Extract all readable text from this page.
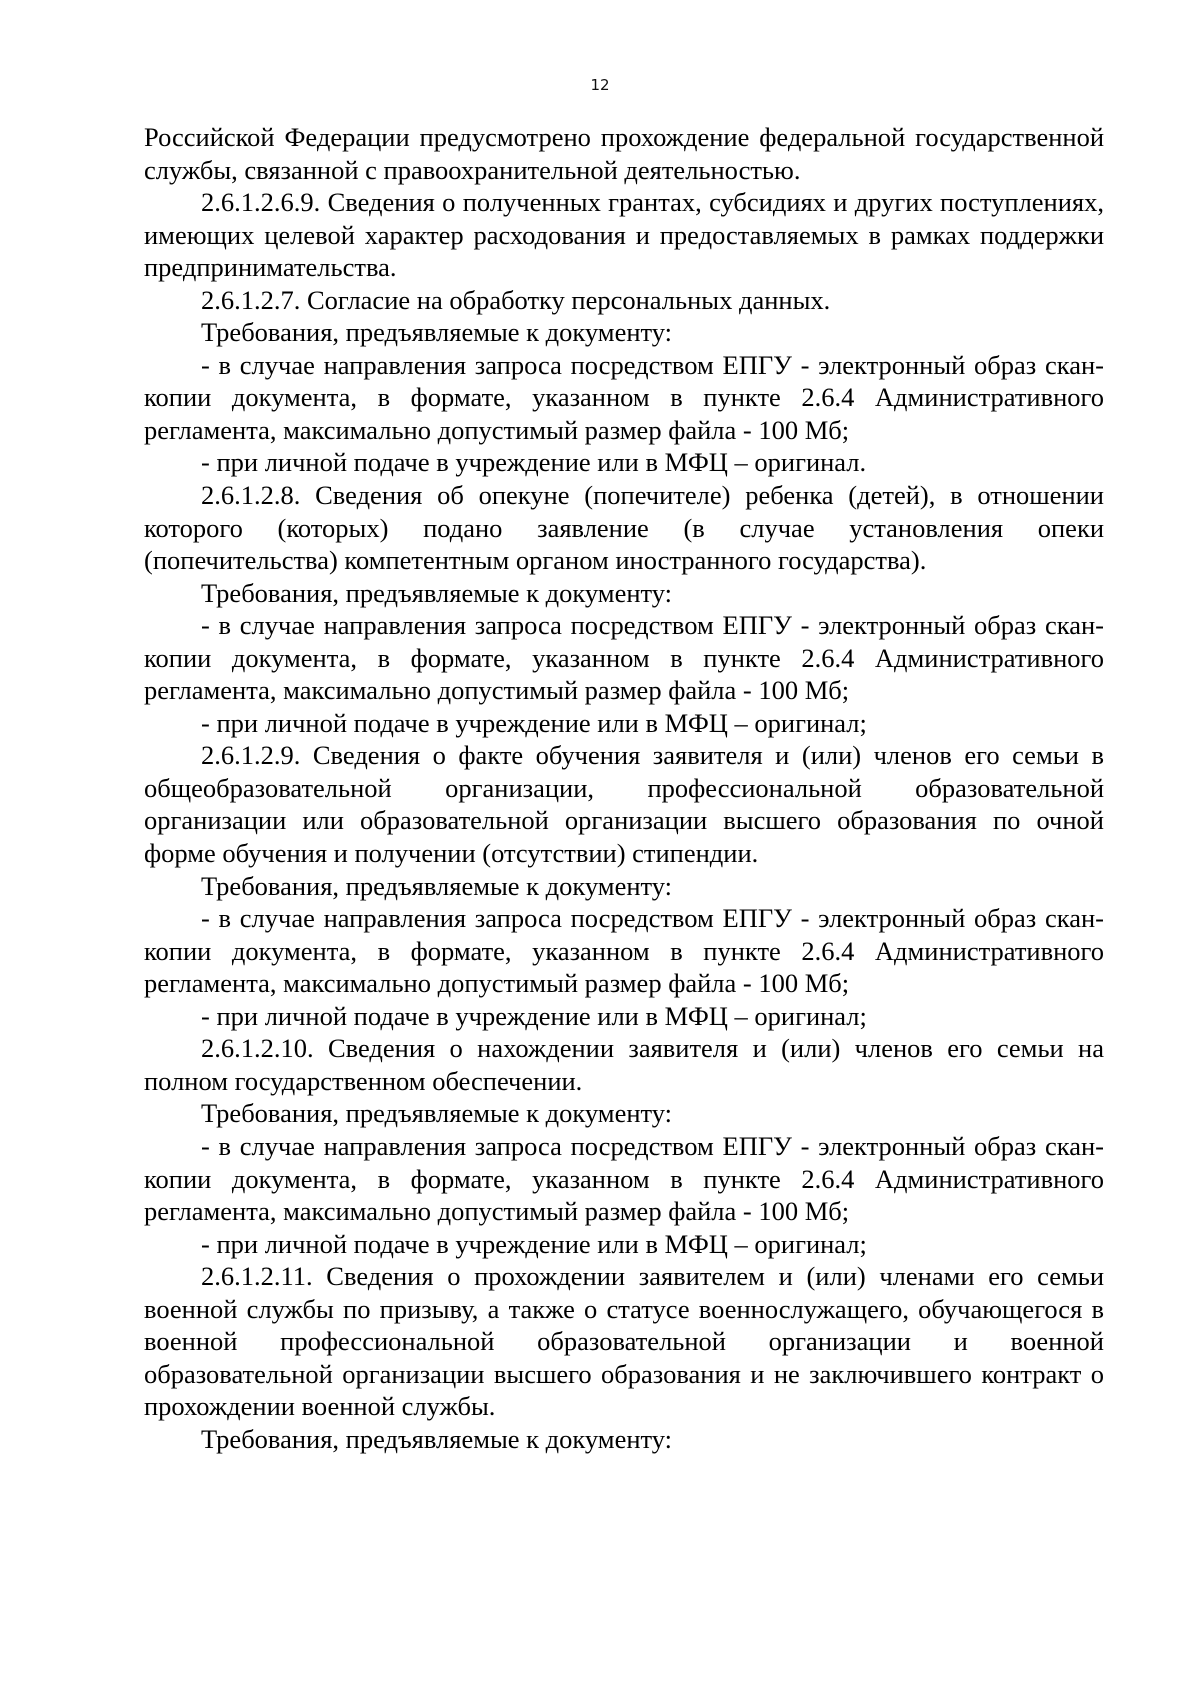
12

Российской Федерации предусмотрено прохождение федеральной государственной службы, связанной с правоохранительной деятельностью.

2.6.1.2.6.9. Сведения о полученных грантах, субсидиях и других поступлениях, имеющих целевой характер расходования и предоставляемых в рамках поддержки предпринимательства.

2.6.1.2.7. Согласие на обработку персональных данных.

Требования, предъявляемые к документу:

- в случае направления запроса посредством ЕПГУ - электронный образ скан-копии документа, в формате, указанном в пункте 2.6.4 Административного регламента, максимально допустимый размер файла - 100 Мб;

- при личной подаче в учреждение или в МФЦ – оригинал.

2.6.1.2.8. Сведения об опекуне (попечителе) ребенка (детей), в отношении которого (которых) подано заявление (в случае установления опеки (попечительства) компетентным органом иностранного государства).

Требования, предъявляемые к документу:

- в случае направления запроса посредством ЕПГУ - электронный образ скан-копии документа, в формате, указанном в пункте 2.6.4 Административного регламента, максимально допустимый размер файла - 100 Мб;

- при личной подаче в учреждение или в МФЦ – оригинал;

2.6.1.2.9. Сведения о факте обучения заявителя и (или) членов его семьи в общеобразовательной организации, профессиональной образовательной организации или образовательной организации высшего образования по очной форме обучения и получении (отсутствии) стипендии.

Требования, предъявляемые к документу:

- в случае направления запроса посредством ЕПГУ - электронный образ скан-копии документа, в формате, указанном в пункте 2.6.4 Административного регламента, максимально допустимый размер файла - 100 Мб;

- при личной подаче в учреждение или в МФЦ – оригинал;

2.6.1.2.10. Сведения о нахождении заявителя и (или) членов его семьи на полном государственном обеспечении.

Требования, предъявляемые к документу:

- в случае направления запроса посредством ЕПГУ - электронный образ скан-копии документа, в формате, указанном в пункте 2.6.4 Административного регламента, максимально допустимый размер файла - 100 Мб;

- при личной подаче в учреждение или в МФЦ – оригинал;

2.6.1.2.11. Сведения о прохождении заявителем и (или) членами его семьи военной службы по призыву, а также о статусе военнослужащего, обучающегося в военной профессиональной образовательной организации и военной образовательной организации высшего образования и не заключившего контракт о прохождении военной службы.

Требования, предъявляемые к документу:
